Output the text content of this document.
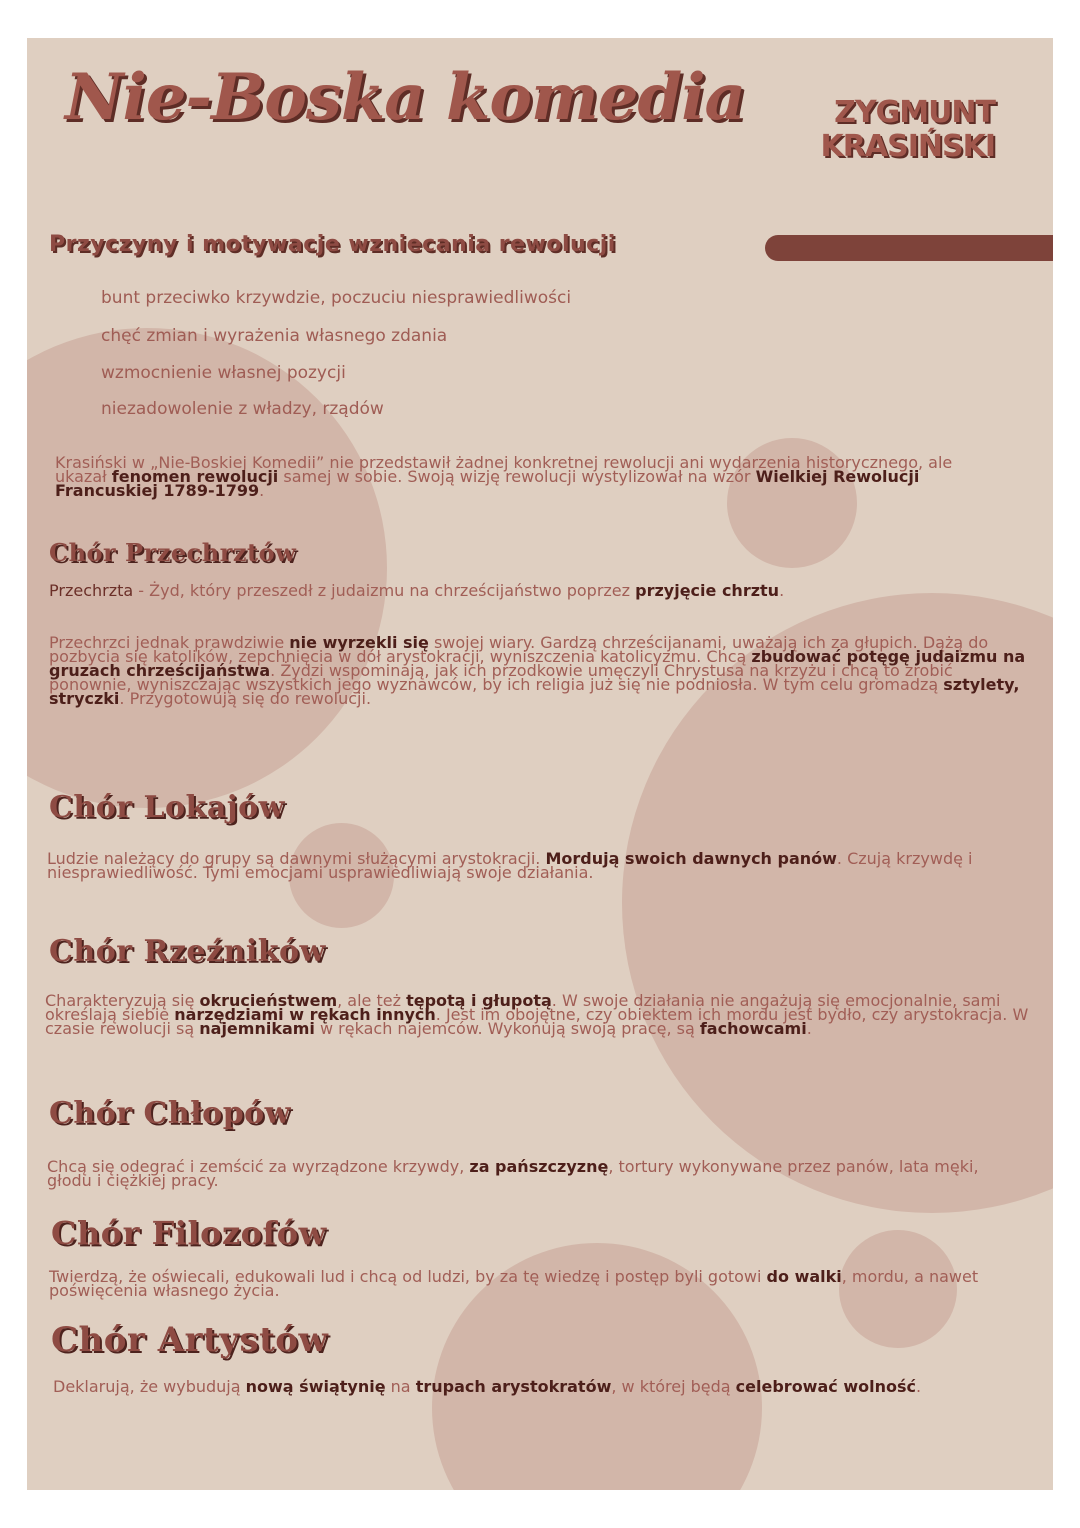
Nie-Boska komedia	ZYGMUNT
KRASIŃSKI
Przyczyny i motywacje wzniecania rewolucji
bunt przeciwko krzywdzie, poczuciu niesprawiedliwości
chęć zmian i wyrażenia własnego zdania
wzmocnienie własnej pozycji
niezadowolenie z władzy, rządów
Krasiński w „Nie-Boskiej Komedii” nie przedstawił żadnej konkretnej rewolucji ani wydarzenia historycznego, ale ukazał fenomen rewolucji samej w sobie. Swoją wizję rewolucji wystylizował na wzór Wielkiej Rewolucji Francuskiej 1789-1799.
Chór Przechrztów
Przechrzta - Żyd, który przeszedł z judaizmu na chrześcijaństwo poprzez przyjęcie chrztu.
Przechrzci jednak prawdziwie nie wyrzekli się swojej wiary. Gardzą chrześcijanami, uważają ich za głupich. Dążą do pozbycia się katolików, zepchnięcia w dół arystokracji, wyniszczenia katolicyzmu. Chcą zbudować potęgę judaizmu na gruzach chrześcijaństwa. Żydzi wspominają, jak ich przodkowie umęczyli Chrystusa na krzyżu i chcą to zrobić ponownie, wyniszczając wszystkich jego wyznawców, by ich religia już się nie podniosła. W tym celu gromadzą sztylety, stryczki. Przygotowują się do rewolucji.
Chór Lokajów
Ludzie należący do grupy są dawnymi służącymi arystokracji. Mordują swoich dawnych panów. Czują krzywdę i niesprawiedliwość. Tymi emocjami usprawiedliwiają swoje działania.
Chór Rzeźników
Charakteryzują się okrucieństwem, ale też tępotą i głupotą. W swoje działania nie angażują się emocjonalnie, sami określają siebie narzędziami w rękach innych. Jest im obojętne, czy obiektem ich mordu jest bydło, czy arystokracja. W czasie rewolucji są najemnikami w rękach najemców. Wykonują swoją pracę, są fachowcami.
Chór Chłopów
Chcą się odegrać i zemścić za wyrządzone krzywdy, za pańszczyznę, tortury wykonywane przez panów, lata męki, głodu i ciężkiej pracy.
Chór Filozofów
Twierdzą, że oświecali, edukowali lud i chcą od ludzi, by za tę wiedzę i postęp byli gotowi do walki, mordu, a nawet poświęcenia własnego życia.
Chór Artystów
Deklarują, że wybudują nową świątynię na trupach arystokratów, w której będą celebrować wolność.
